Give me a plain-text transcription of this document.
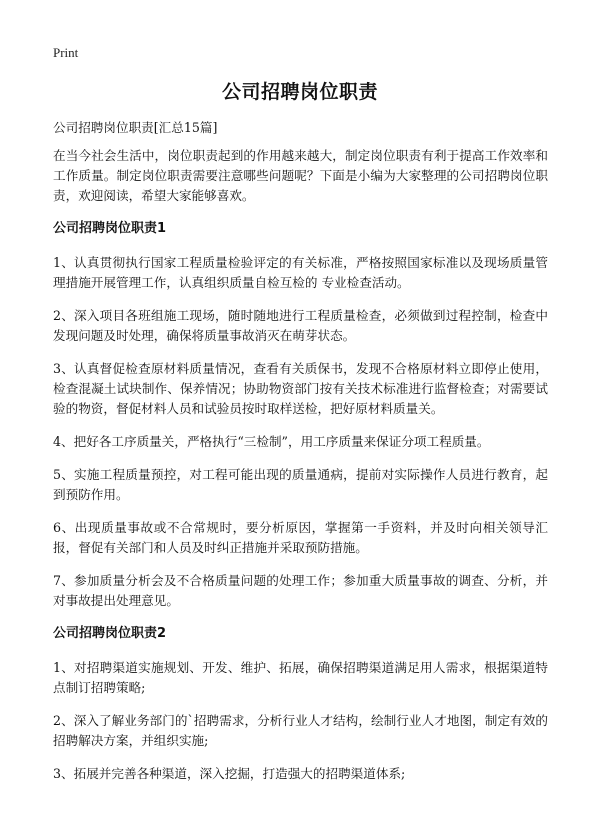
Print
公司招聘岗位职责

公司招聘岗位职责[汇总15篇]

在当今社会生活中，岗位职责起到的作用越来越大，制定岗位职责有利于提高工作效率和工作质量。制定岗位职责需要注意哪些问题呢？下面是小编为大家整理的公司招聘岗位职责，欢迎阅读，希望大家能够喜欢。

公司招聘岗位职责1

1、认真贯彻执行国家工程质量检验评定的有关标准，严格按照国家标准以及现场质量管理措施开展管理工作，认真组织质量自检互检的 专业检查活动。

2、深入项目各班组施工现场，随时随地进行工程质量检查，必须做到过程控制，检查中发现问题及时处理，确保将质量事故消灭在萌芽状态。

3、认真督促检查原材料质量情况，查看有关质保书，发现不合格原材料立即停止使用，检查混凝土试块制作、保养情况；协助物资部门按有关技术标准进行监督检查；对需要试验的物资，督促材料人员和试验员按时取样送检，把好原材料质量关。

4、把好各工序质量关，严格执行“三检制”，用工序质量来保证分项工程质量。

5、实施工程质量预控，对工程可能出现的质量通病，提前对实际操作人员进行教育，起到预防作用。

6、出现质量事故或不合常规时，要分析原因，掌握第一手资料，并及时向相关领导汇报，督促有关部门和人员及时纠正措施并采取预防措施。

7、参加质量分析会及不合格质量问题的处理工作；参加重大质量事故的调查、分析，并对事故提出处理意见。

公司招聘岗位职责2

1、对招聘渠道实施规划、开发、维护、拓展，确保招聘渠道满足用人需求，根据渠道特点制订招聘策略;

2、深入了解业务部门的`招聘需求，分析行业人才结构，绘制行业人才地图，制定有效的招聘解决方案，并组织实施;

3、拓展并完善各种渠道，深入挖掘，打造强大的招聘渠道体系;
